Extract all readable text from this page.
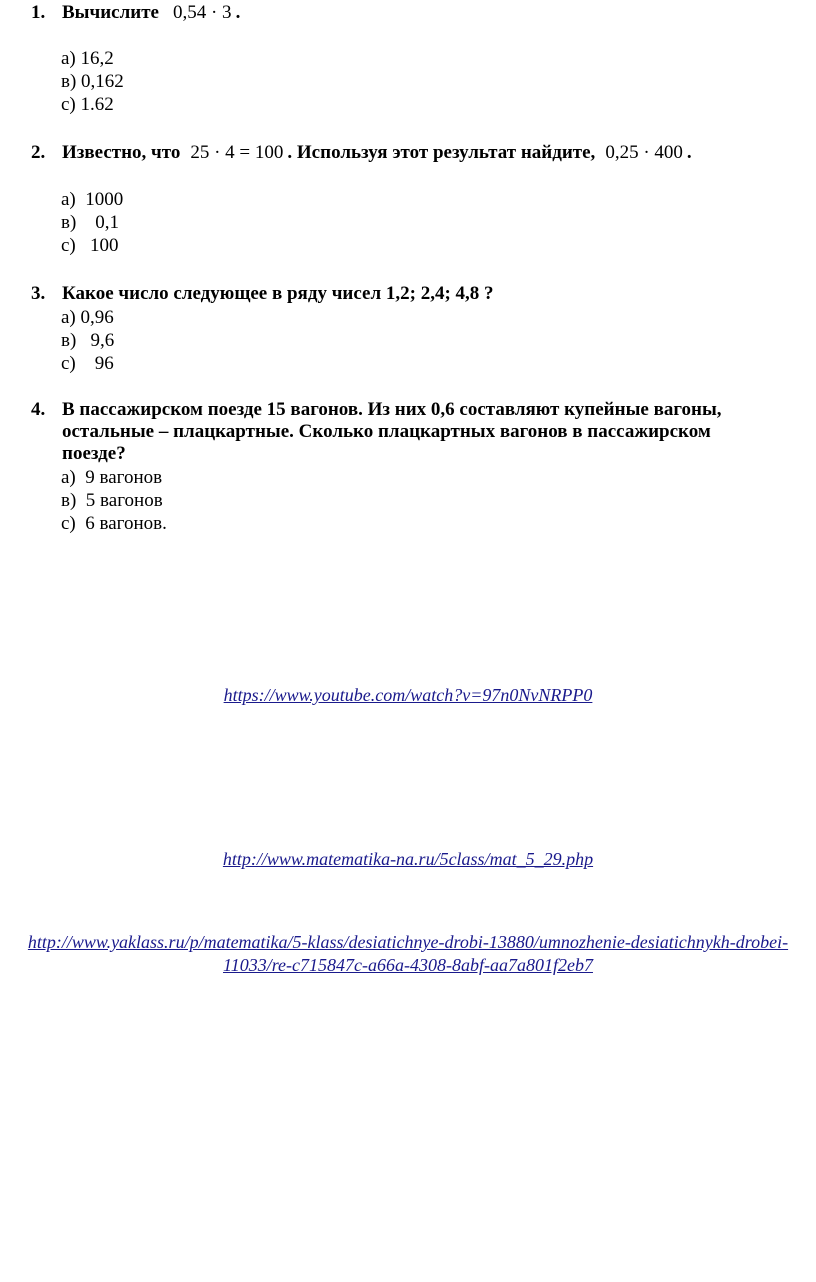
1. Вычислите 0,54 · 3 .
а) 16,2
в) 0,162
с) 1.62
2. Известно, что 25 · 4 = 100 . Используя этот результат найдите, 0,25 · 400 .
а)  1000
в)    0,1
с)   100
3. Какое число следующее в ряду чисел 1,2; 2,4; 4,8 ?
а) 0,96
в)   9,6
с)    96
4. В пассажирском поезде 15 вагонов. Из них 0,6 составляют купейные вагоны, остальные – плацкартные. Сколько плацкартных вагонов в пассажирском поезде?
а)  9 вагонов
в)  5 вагонов
с)  6 вагонов.
https://www.youtube.com/watch?v=97n0NvNRPP0
http://www.matematika-na.ru/5class/mat_5_29.php
http://www.yaklass.ru/p/matematika/5-klass/desiatichnye-drobi-13880/umnozhenie-desiatichnykh-drobei-
11033/re-c715847c-a66a-4308-8abf-aa7a801f2eb7
